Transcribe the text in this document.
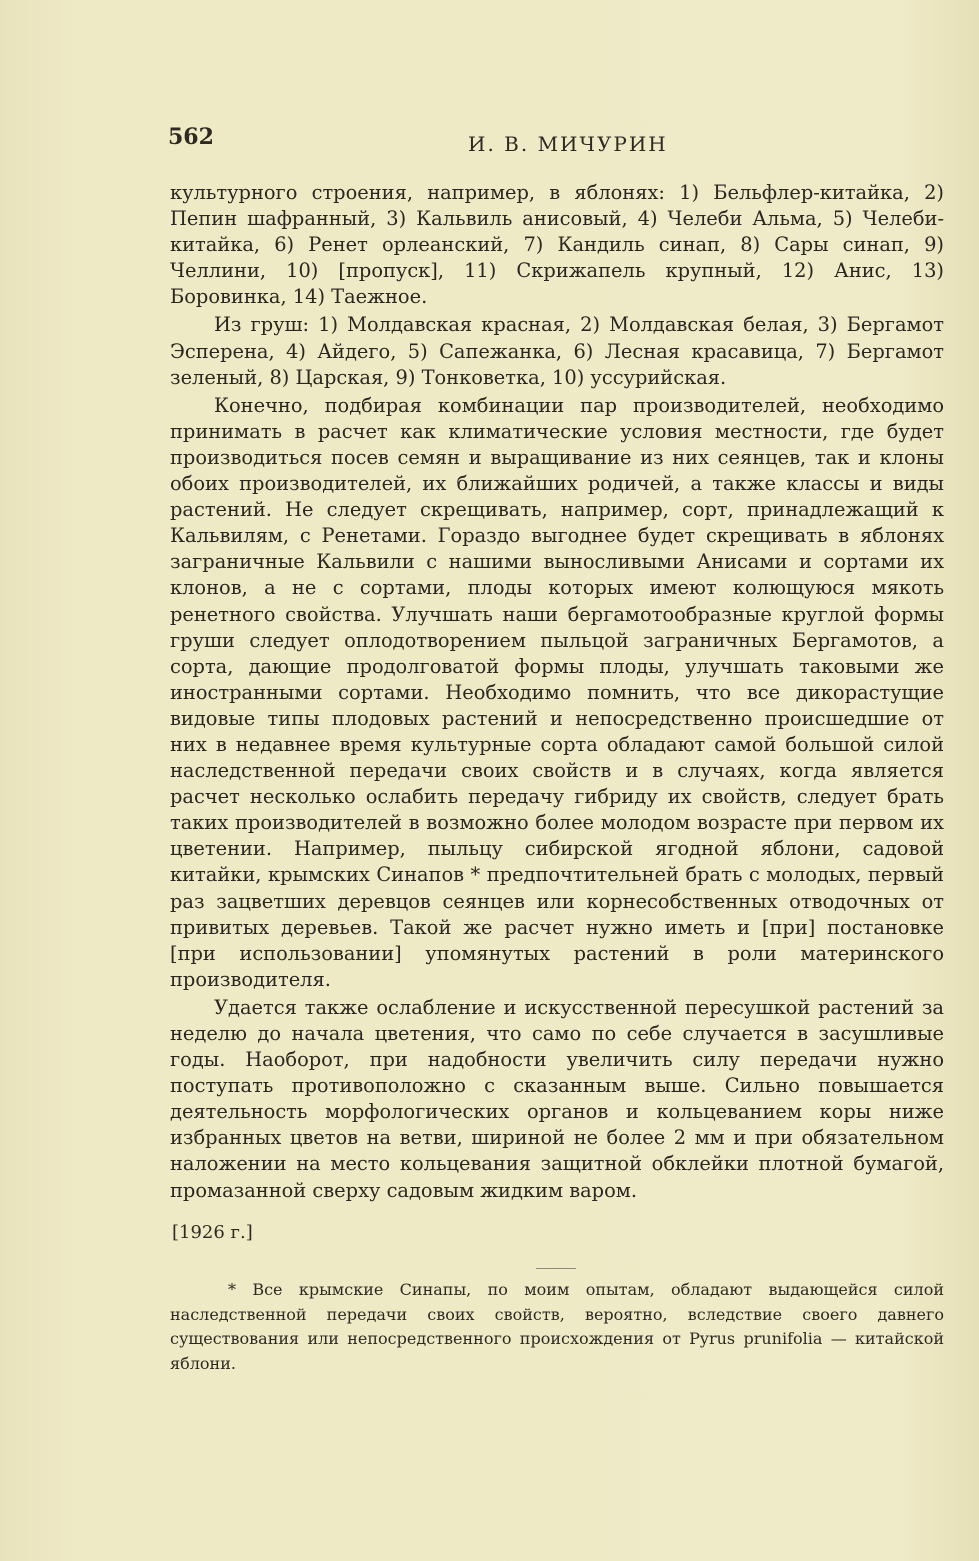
562	И. В. МИЧУРИН

культурного строения, например, в яблонях: 1) Бельфлер-китайка, 2) Пепин шафранный, 3) Кальвиль анисовый, 4) Челеби Альма, 5) Челеби-китайка, 6) Ренет орлеанский, 7) Кандиль синап, 8) Сары синап, 9) Челлини, 10) [пропуск], 11) Скрижапель крупный, 12) Анис, 13) Боровинка, 14) Таежное.

Из груш: 1) Молдавская красная, 2) Молдавская белая, 3) Бергамот Эсперена, 4) Айдего, 5) Сапежанка, 6) Лесная красавица, 7) Бергамот зеленый, 8) Царская, 9) Тонковетка, 10) уссурийская.

Конечно, подбирая комбинации пар производителей, необходимо принимать в расчет как климатические условия местности, где будет производиться посев семян и выращивание из них сеянцев, так и клоны обоих производителей, их ближайших родичей, а также классы и виды растений. Не следует скрещивать, например, сорт, принадлежащий к Кальвилям, с Ренетами. Гораздо выгоднее будет скрещивать в яблонях заграничные Кальвили с нашими выносливыми Анисами и сортами их клонов, а не с сортами, плоды которых имеют колющуюся мякоть ренетного свойства. Улучшать наши бергамотообразные круглой формы груши следует оплодотворением пыльцой заграничных Бергамотов, а сорта, дающие продолговатой формы плоды, улучшать таковыми же иностранными сортами. Необходимо помнить, что все дикорастущие видовые типы плодовых растений и непосредственно происшедшие от них в недавнее время культурные сорта обладают самой большой силой наследственной передачи своих свойств и в случаях, когда является расчет несколько ослабить передачу гибриду их свойств, следует брать таких производителей в возможно более молодом возрасте при первом их цветении. Например, пыльцу сибирской ягодной яблони, садовой китайки, крымских Синапов * предпочтительней брать с молодых, первый раз зацветших деревцов сеянцев или корнесобственных отводочных от привитых деревьев. Такой же расчет нужно иметь и [при] постановке [при использовании] упомянутых растений в роли материнского производителя.

Удается также ослабление и искусственной пересушкой растений за неделю до начала цветения, что само по себе случается в засушливые годы. Наоборот, при надобности увеличить силу передачи нужно поступать противоположно с сказанным выше. Сильно повышается деятельность морфологических органов и кольцеванием коры ниже избранных цветов на ветви, шириной не более 2 мм и при обязательном наложении на место кольцевания защитной обклейки плотной бумагой, промазанной сверху садовым жидким варом.

[1926 г.]

* Все крымские Синапы, по моим опытам, обладают выдающейся силой наследственной передачи своих свойств, вероятно, вследствие своего давнего существования или непосредственного происхождения от Pyrus prunifolia — китайской яблони.
